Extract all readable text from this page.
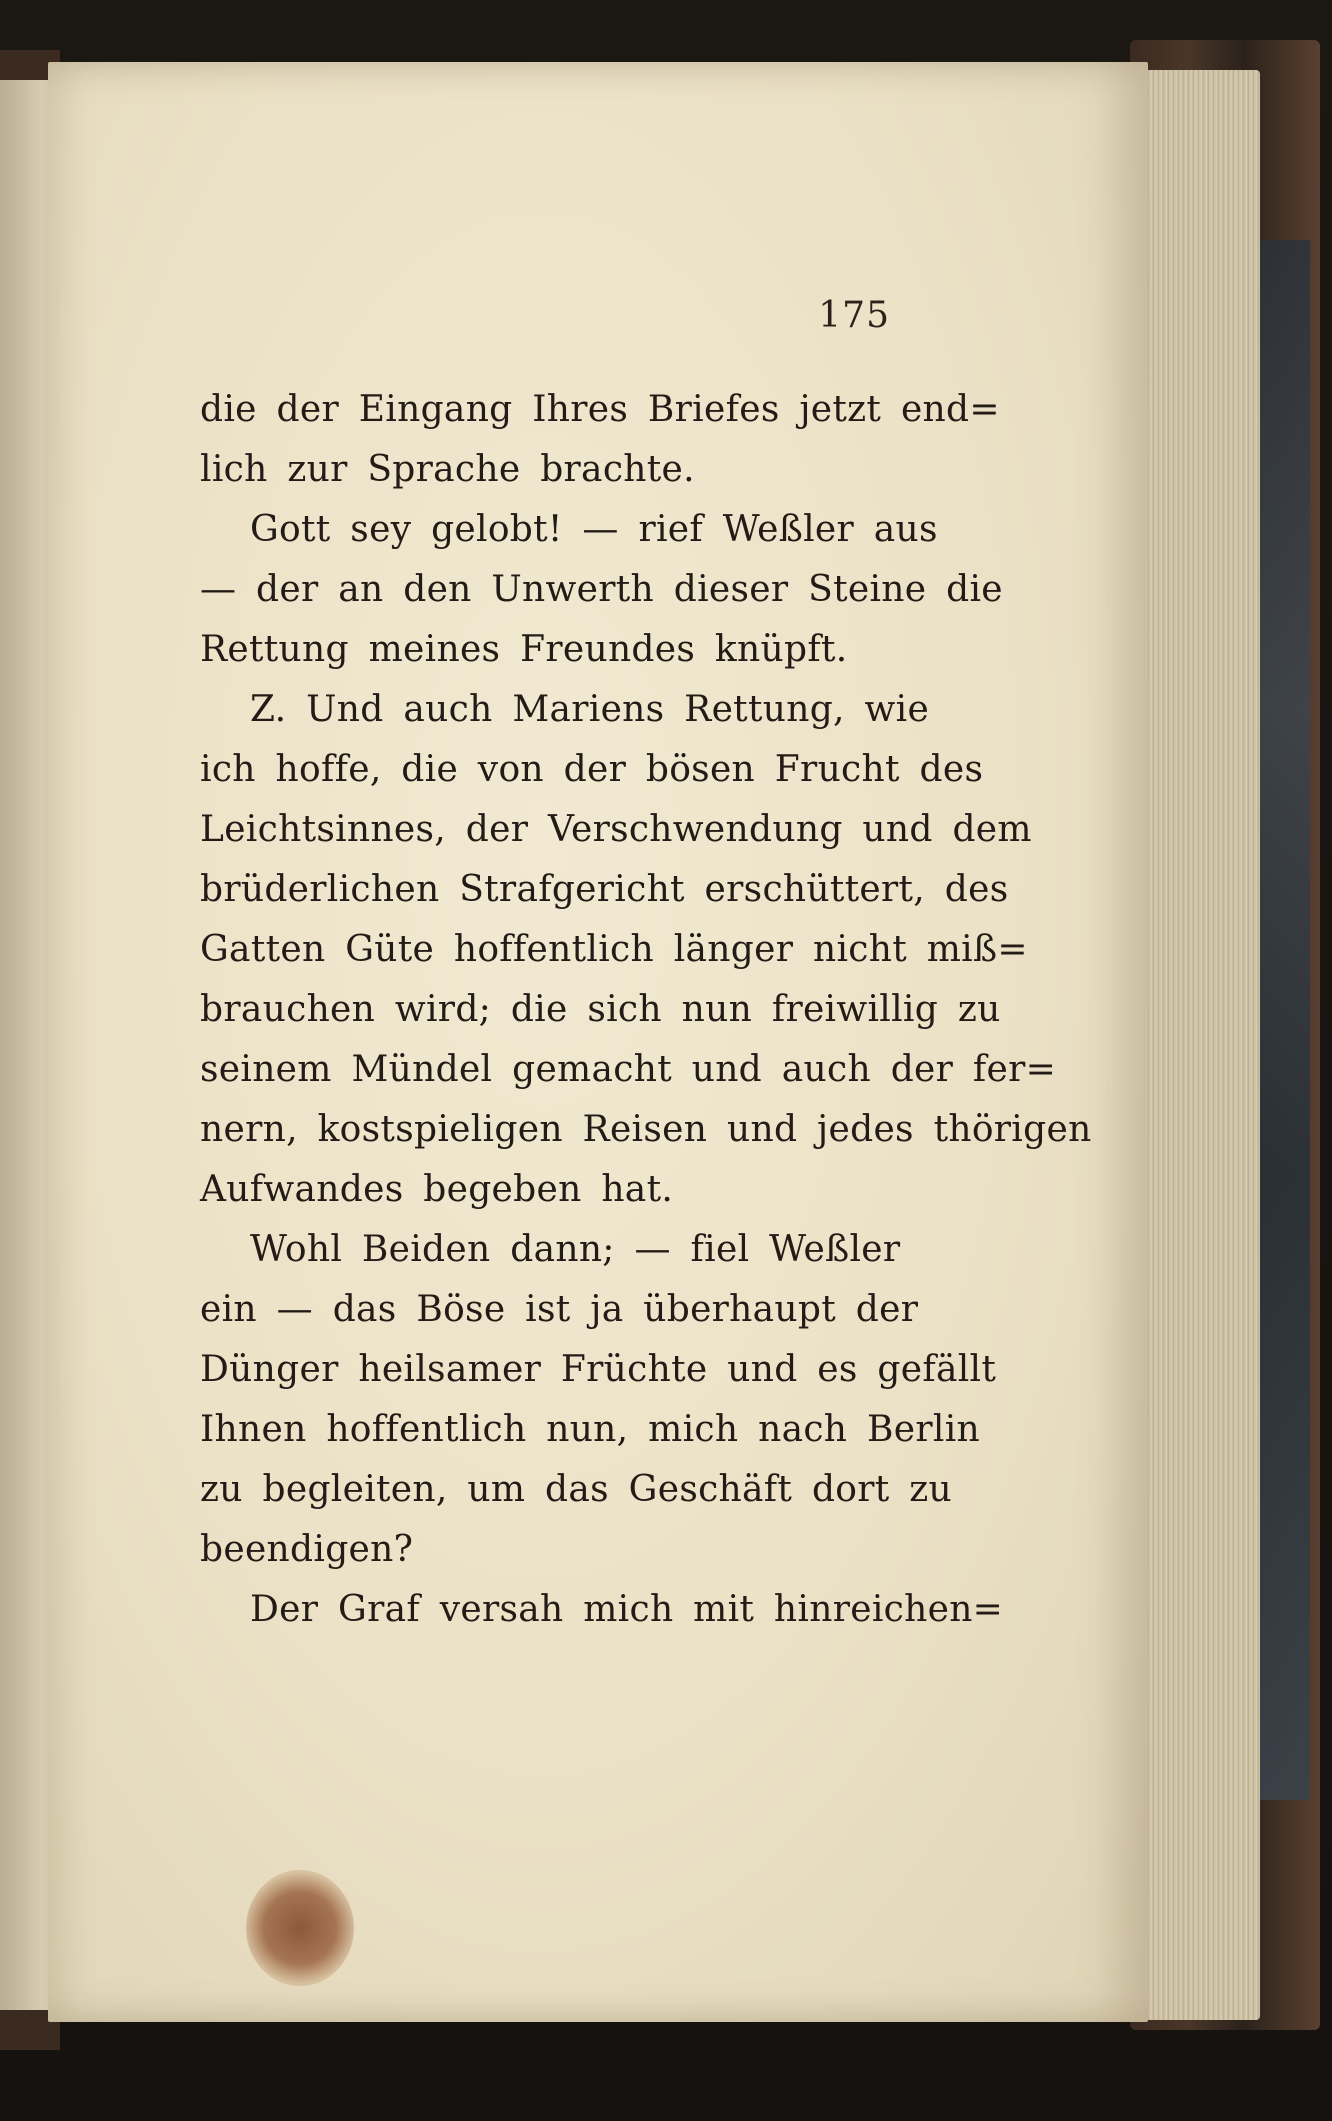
175
die der Eingang Ihres Briefes jetzt end=
lich zur Sprache brachte.
Gott sey gelobt! — rief Weßler aus
— der an den Unwerth dieser Steine die
Rettung meines Freundes knüpft.
Z. Und auch Mariens Rettung, wie
ich hoffe, die von der bösen Frucht des
Leichtsinnes, der Verschwendung und dem
brüderlichen Strafgericht erschüttert, des
Gatten Güte hoffentlich länger nicht miß=
brauchen wird; die sich nun freiwillig zu
seinem Mündel gemacht und auch der fer=
nern, kostspieligen Reisen und jedes thörigen
Aufwandes begeben hat.
Wohl Beiden dann; — fiel Weßler
ein — das Böse ist ja überhaupt der
Dünger heilsamer Früchte und es gefällt
Ihnen hoffentlich nun, mich nach Berlin
zu begleiten, um das Geschäft dort zu
beendigen?
Der Graf versah mich mit hinreichen=
